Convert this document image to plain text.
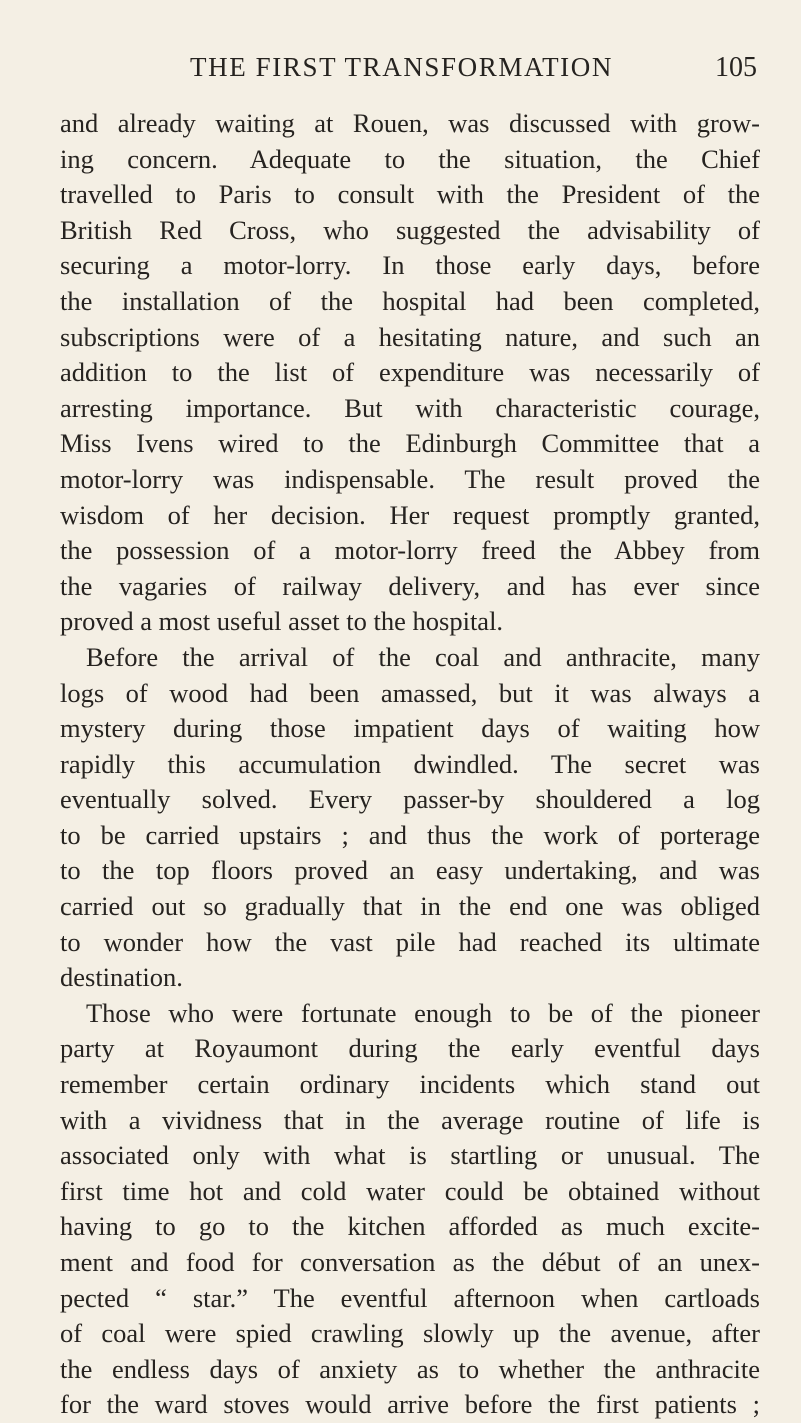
THE FIRST TRANSFORMATION	105
and already waiting at Rouen, was discussed with grow-
ing concern. Adequate to the situation, the Chief
travelled to Paris to consult with the President of the
British Red Cross, who suggested the advisability of
securing a motor-lorry. In those early days, before
the installation of the hospital had been completed,
subscriptions were of a hesitating nature, and such an
addition to the list of expenditure was necessarily of
arresting importance. But with characteristic courage,
Miss Ivens wired to the Edinburgh Committee that a
motor-lorry was indispensable. The result proved the
wisdom of her decision. Her request promptly granted,
the possession of a motor-lorry freed the Abbey from
the vagaries of railway delivery, and has ever since
proved a most useful asset to the hospital.
Before the arrival of the coal and anthracite, many
logs of wood had been amassed, but it was always a
mystery during those impatient days of waiting how
rapidly this accumulation dwindled. The secret was
eventually solved. Every passer-by shouldered a log
to be carried upstairs ; and thus the work of porterage
to the top floors proved an easy undertaking, and was
carried out so gradually that in the end one was obliged
to wonder how the vast pile had reached its ultimate
destination.
Those who were fortunate enough to be of the pioneer
party at Royaumont during the early eventful days
remember certain ordinary incidents which stand out
with a vividness that in the average routine of life is
associated only with what is startling or unusual. The
first time hot and cold water could be obtained without
having to go to the kitchen afforded as much excite-
ment and food for conversation as the début of an unex-
pected “ star.” The eventful afternoon when cartloads
of coal were spied crawling slowly up the avenue, after
the endless days of anxiety as to whether the anthracite
for the ward stoves would arrive before the first patients ;
